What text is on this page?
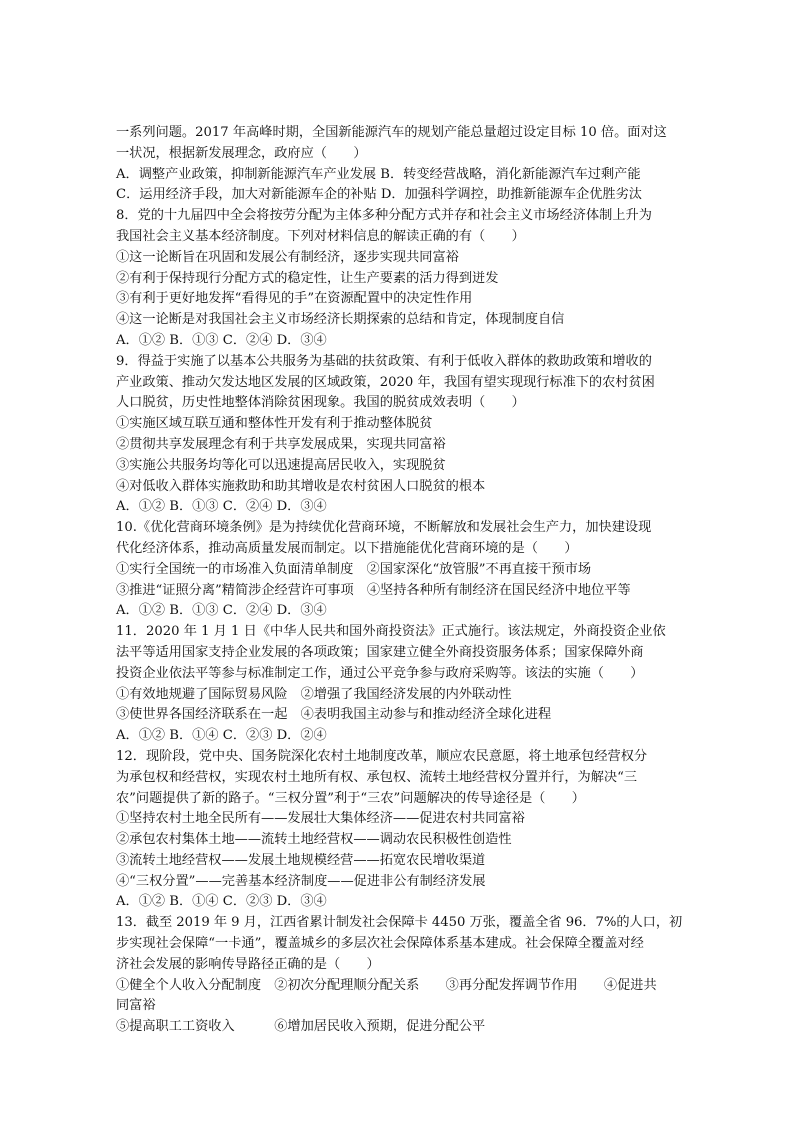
一系列问题。2017 年高峰时期，全国新能源汽车的规划产能总量超过设定目标 10 倍。面对这
一状况，根据新发展理念，政府应（　　）
A．调整产业政策，抑制新能源汽车产业发展 B．转变经营战略，消化新能源汽车过剩产能
C．运用经济手段，加大对新能源车企的补贴 D．加强科学调控，助推新能源车企优胜劣汰
8．党的十九届四中全会将按劳分配为主体多种分配方式并存和社会主义市场经济体制上升为
我国社会主义基本经济制度。下列对材料信息的解读正确的有（　　）
①这一论断旨在巩固和发展公有制经济，逐步实现共同富裕
②有利于保持现行分配方式的稳定性，让生产要素的活力得到迸发
③有利于更好地发挥“看得见的手”在资源配置中的决定性作用
④这一论断是对我国社会主义市场经济长期探索的总结和肯定，体现制度自信
A．①② B．①③ C．②④ D．③④
9．得益于实施了以基本公共服务为基础的扶贫政策、有利于低收入群体的救助政策和增收的
产业政策、推动欠发达地区发展的区域政策，2020 年，我国有望实现现行标准下的农村贫困
人口脱贫，历史性地整体消除贫困现象。我国的脱贫成效表明（　　）
①实施区域互联互通和整体性开发有利于推动整体脱贫
②贯彻共享发展理念有利于共享发展成果，实现共同富裕
③实施公共服务均等化可以迅速提高居民收入，实现脱贫
④对低收入群体实施救助和助其增收是农村贫困人口脱贫的根本
A．①② B．①③ C．②④ D．③④
10.《优化营商环境条例》是为持续优化营商环境，不断解放和发展社会生产力，加快建设现
代化经济体系，推动高质量发展而制定。以下措施能优化营商环境的是（　　）
①实行全国统一的市场准入负面清单制度　②国家深化“放管服”不再直接干预市场
③推进“证照分离”精简涉企经营许可事项　④坚持各种所有制经济在国民经济中地位平等
A．①② B．①③ C．②④ D．③④
11．2020 年 1 月 1 日《中华人民共和国外商投资法》正式施行。该法规定，外商投资企业依
法平等适用国家支持企业发展的各项政策；国家建立健全外商投资服务体系；国家保障外商
投资企业依法平等参与标准制定工作，通过公平竞争参与政府采购等。该法的实施（　　）
①有效地规避了国际贸易风险　②增强了我国经济发展的内外联动性
③使世界各国经济联系在一起　④表明我国主动参与和推动经济全球化进程
A．①② B．①④ C．②③ D．②④
12．现阶段，党中央、国务院深化农村土地制度改革，顺应农民意愿，将土地承包经营权分
为承包权和经营权，实现农村土地所有权、承包权、流转土地经营权分置并行，为解决“三
农”问题提供了新的路子。“三权分置”利于“三农”问题解决的传导途径是（　　）
①坚持农村土地全民所有——发展壮大集体经济——促进农村共同富裕
②承包农村集体土地——流转土地经营权——调动农民积极性创造性
③流转土地经营权——发展土地规模经营——拓宽农民增收渠道
④“三权分置”——完善基本经济制度——促进非公有制经济发展
A．①② B．①④ C．②③ D．③④
13．截至 2019 年 9 月，江西省累计制发社会保障卡 4450 万张，覆盖全省 96．7%的人口，初
步实现社会保障“一卡通”，覆盖城乡的多层次社会保障体系基本建成。社会保障全覆盖对经
济社会发展的影响传导路径正确的是（　　）
①健全个人收入分配制度　②初次分配理顺分配关系　　③再分配发挥调节作用　　④促进共
同富裕
⑤提高职工工资收入　　　⑥增加居民收入预期，促进分配公平
